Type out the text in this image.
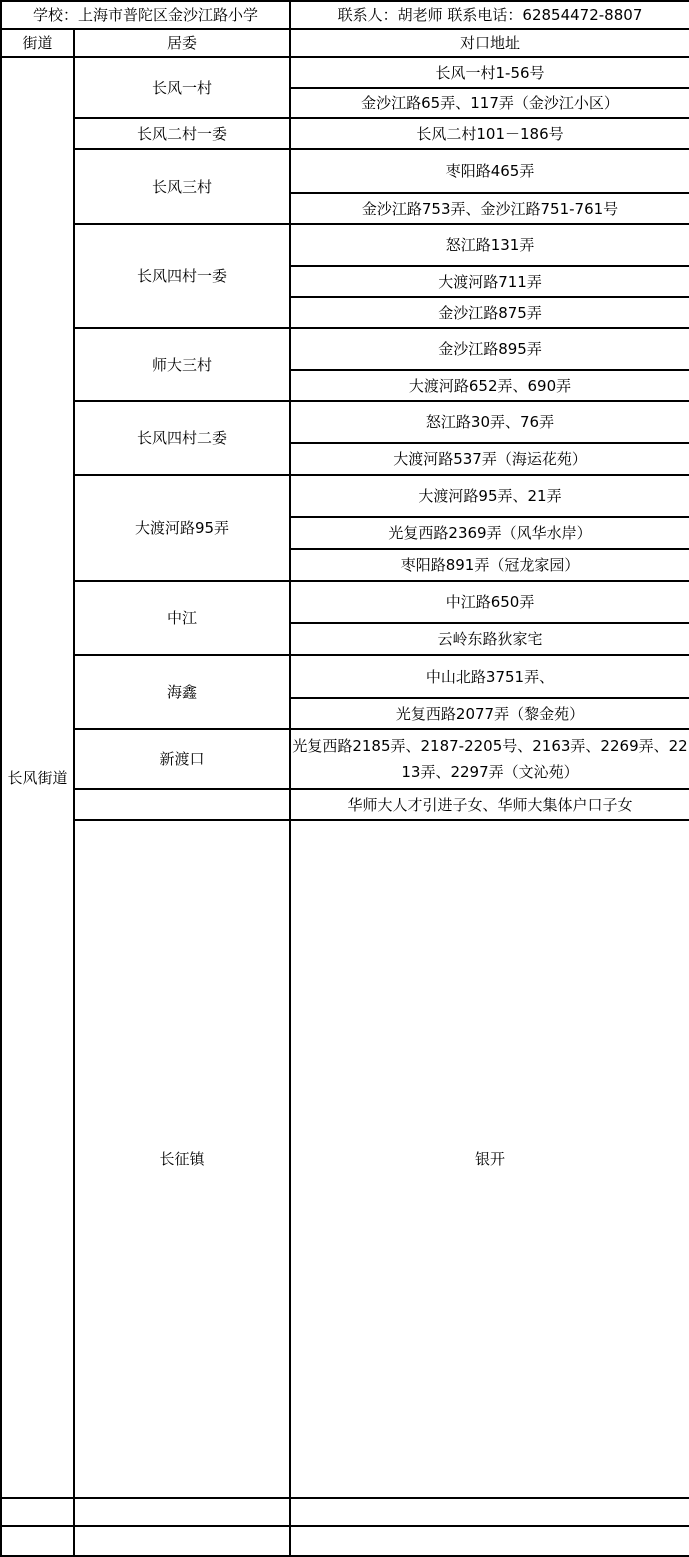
学校：上海市普陀区金沙江路小学		联系人：胡老师 联系电话：62854472-8807	
街道	居委	对口地址	
长风街道	长风一村	长风一村1-56号	
		金沙江路65弄、117弄（金沙江小区）	
	长风二村一委	长风二村101－186号	
	长风三村	枣阳路465弄	
		金沙江路753弄、金沙江路751-761号	
	长风四村一委	怒江路131弄	
		大渡河路711弄	
		金沙江路875弄	
	师大三村	金沙江路895弄	
		大渡河路652弄、690弄	
	长风四村二委	怒江路30弄、76弄	
		大渡河路537弄（海运花苑）	
	大渡河路95弄	大渡河路95弄、21弄	
		光复西路2369弄（风华水岸）	
		枣阳路891弄（冠龙家园）	
	中江	中江路650弄	
		云岭东路狄家宅	
	海鑫	中山北路3751弄、	
		光复西路2077弄（黎金苑）	
	新渡口	光复西路2185弄、2187-2205号、2163弄、2269弄、2213弄、2297弄（文沁苑）	
		华师大人才引进子女、华师大集体户口子女	
	长征镇	银开	
